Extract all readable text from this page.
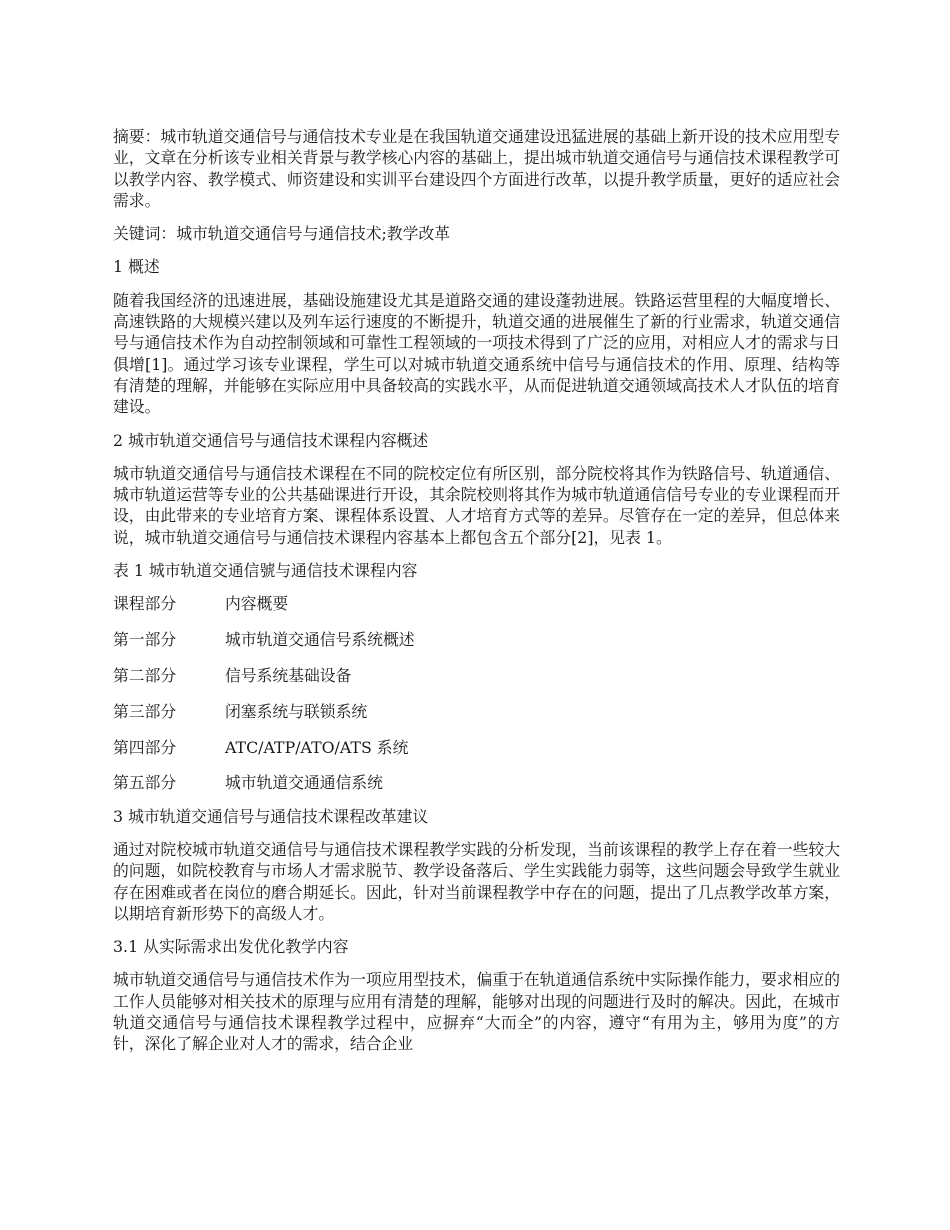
摘要：城市轨道交通信号与通信技术专业是在我国轨道交通建设迅猛进展的基础上新开设的技术应用型专业，文章在分析该专业相关背景与教学核心内容的基础上，提出城市轨道交通信号与通信技术课程教学可以教学内容、教学模式、师资建设和实训平台建设四个方面进行改革，以提升教学质量，更好的适应社会需求。

关键词：城市轨道交通信号与通信技术;教学改革

1 概述

随着我国经济的迅速进展，基础设施建设尤其是道路交通的建设蓬勃进展。铁路运营里程的大幅度增长、高速铁路的大规模兴建以及列车运行速度的不断提升，轨道交通的进展催生了新的行业需求，轨道交通信号与通信技术作为自动控制领域和可靠性工程领域的一项技术得到了广泛的应用，对相应人才的需求与日俱增[1]。通过学习该专业课程，学生可以对城市轨道交通系统中信号与通信技术的作用、原理、结构等有清楚的理解，并能够在实际应用中具备较高的实践水平，从而促进轨道交通领域高技术人才队伍的培育建设。

2 城市轨道交通信号与通信技术课程内容概述

城市轨道交通信号与通信技术课程在不同的院校定位有所区别，部分院校将其作为铁路信号、轨道通信、城市轨道运营等专业的公共基础课进行开设，其余院校则将其作为城市轨道通信信号专业的专业课程而开设，由此带来的专业培育方案、课程体系设置、人才培育方式等的差异。尽管存在一定的差异，但总体来说，城市轨道交通信号与通信技术课程内容基本上都包含五个部分[2]，见表 1。

表 1 城市轨道交通信號与通信技术课程内容

课程部分	内容概要
第一部分	城市轨道交通信号系统概述
第二部分	信号系统基础设备
第三部分	闭塞系统与联锁系统
第四部分	ATC/ATP/ATO/ATS 系统
第五部分	城市轨道交通通信系统

3 城市轨道交通信号与通信技术课程改革建议

通过对院校城市轨道交通信号与通信技术课程教学实践的分析发现，当前该课程的教学上存在着一些较大的问题，如院校教育与市场人才需求脱节、教学设备落后、学生实践能力弱等，这些问题会导致学生就业存在困难或者在岗位的磨合期延长。因此，针对当前课程教学中存在的问题，提出了几点教学改革方案，以期培育新形势下的高级人才。

3.1 从实际需求出发优化教学内容

城市轨道交通信号与通信技术作为一项应用型技术，偏重于在轨道通信系统中实际操作能力，要求相应的工作人员能够对相关技术的原理与应用有清楚的理解，能够对出现的问题进行及时的解决。因此，在城市轨道交通信号与通信技术课程教学过程中，应摒弃“大而全”的内容，遵守“有用为主，够用为度”的方针，深化了解企业对人才的需求，结合企业
